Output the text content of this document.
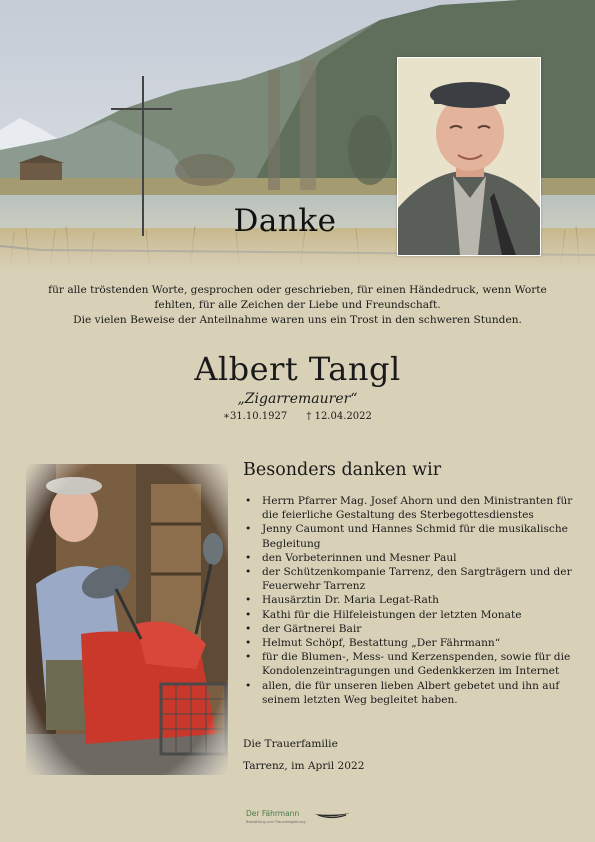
Danke
für alle tröstenden Worte, gesprochen oder geschrieben, für einen Händedruck, wenn Worte
fehlten, für alle Zeichen der Liebe und Freundschaft.
Die vielen Beweise der Anteilnahme waren uns ein Trost in den schweren Stunden.
Albert Tangl
„Zigarremaurer“
∗31.10.1927 † 12.04.2022
Besonders danken wir
• Herrn Pfarrer Mag. Josef Ahorn und den Ministranten für die feierliche Gestaltung des Sterbegottesdienstes
• Jenny Caumont und Hannes Schmid für die musikalische Begleitung
• den Vorbeterinnen und Mesner Paul
• der Schützenkompanie Tarrenz, den Sargträgern und der Feuerwehr Tarrenz
• Hausärztin Dr. Maria Legat-Rath
• Kathi für die Hilfeleistungen der letzten Monate
• der Gärtnerei Bair
• Helmut Schöpf, Bestattung „Der Fährmann“
• für die Blumen-, Mess- und Kerzenspenden, sowie für die Kondolenzeintragungen und Gedenkkerzen im Internet
• allen, die für unseren lieben Albert gebetet und ihn auf seinem letzten Weg begleitet haben.
Die Trauerfamilie
Tarrenz, im April 2022
Der Fährmann
Bestattung und Trauerbegleitung
